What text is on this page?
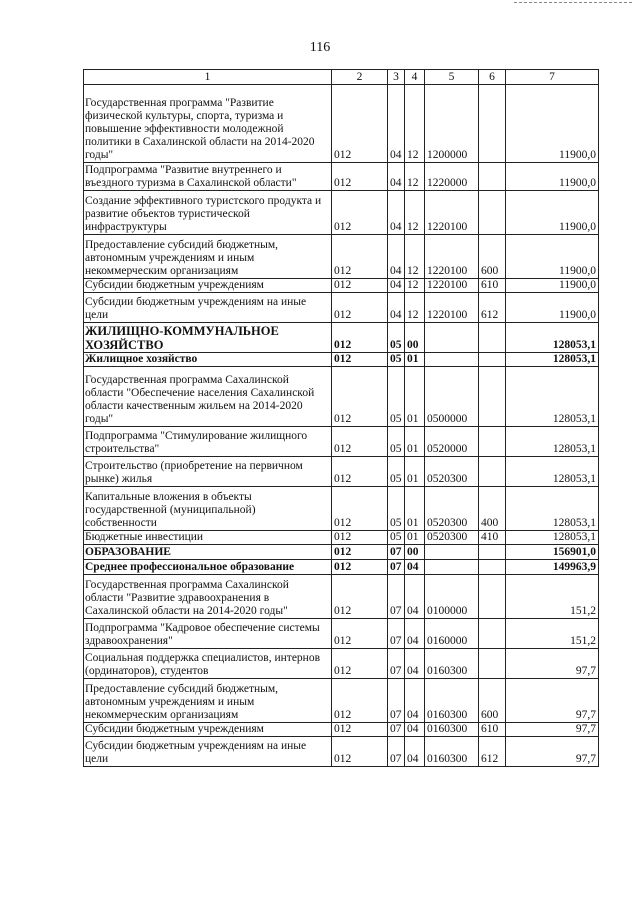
116
1	2	3	4	5	6	7
Государственная программа "Развитие физической культуры, спорта, туризма и повышение эффективности молодежной политики в Сахалинской области на 2014-2020 годы"	012	04	12	1200000		11900,0
Подпрограмма "Развитие внутреннего и въездного туризма в Сахалинской области"	012	04	12	1220000		11900,0
Создание эффективного туристского продукта и развитие объектов туристической инфраструктуры	012	04	12	1220100		11900,0
Предоставление субсидий бюджетным, автономным учреждениям и иным некоммерческим организациям	012	04	12	1220100	600	11900,0
Субсидии бюджетным учреждениям	012	04	12	1220100	610	11900,0
Субсидии бюджетным учреждениям на иные цели	012	04	12	1220100	612	11900,0
ЖИЛИЩНО-КОММУНАЛЬНОЕ ХОЗЯЙСТВО	012	05	00			128053,1
Жилищное хозяйство	012	05	01			128053,1
Государственная программа Сахалинской области "Обеспечение населения Сахалинской области качественным жильем на 2014-2020 годы"	012	05	01	0500000		128053,1
Подпрограмма "Стимулирование жилищного строительства"	012	05	01	0520000		128053,1
Строительство (приобретение на первичном рынке) жилья	012	05	01	0520300		128053,1
Капитальные вложения в объекты государственной (муниципальной) собственности	012	05	01	0520300	400	128053,1
Бюджетные инвестиции	012	05	01	0520300	410	128053,1
ОБРАЗОВАНИЕ	012	07	00			156901,0
Среднее профессиональное образование	012	07	04			149963,9
Государственная программа Сахалинской области "Развитие здравоохранения в Сахалинской области на 2014-2020 годы"	012	07	04	0100000		151,2
Подпрограмма "Кадровое обеспечение системы здравоохранения"	012	07	04	0160000		151,2
Социальная поддержка специалистов, интернов (ординаторов), студентов	012	07	04	0160300		97,7
Предоставление субсидий бюджетным, автономным учреждениям и иным некоммерческим организациям	012	07	04	0160300	600	97,7
Субсидии бюджетным учреждениям	012	07	04	0160300	610	97,7
Субсидии бюджетным учреждениям на иные цели	012	07	04	0160300	612	97,7
